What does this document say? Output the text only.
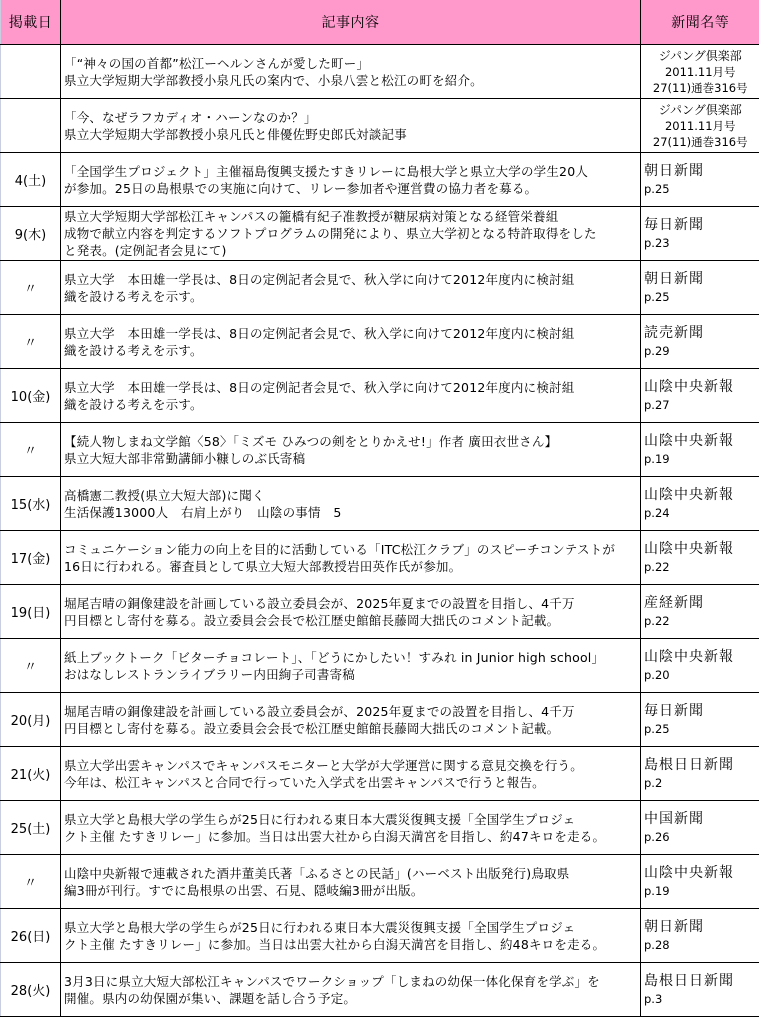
掲載日	記事内容	新聞名等

	「“神々の国の首都”松江ーヘルンさんが愛した町ー」
県立大学短期大学部教授小泉凡氏の案内で、小泉八雲と松江の町を紹介。	ジパング倶楽部
2011.11月号
27(11)通巻316号

	「今、なぜラフカディオ・ハーンなのか？」
県立大学短期大学部教授小泉凡氏と俳優佐野史郎氏対談記事	ジパング倶楽部
2011.11月号
27(11)通巻316号

4(土)	「全国学生プロジェクト」主催福島復興支援たすきリレーに島根大学と県立大学の学生20人
が参加。25日の島根県での実施に向けて、リレー参加者や運営費の協力者を募る。	朝日新聞
p.25

9(木)	県立大学短期大学部松江キャンパスの籠橋有紀子准教授が糖尿病対策となる経管栄養組
成物で献立内容を判定するソフトプログラムの開発により、県立大学初となる特許取得をした
と発表。(定例記者会見にて)	毎日新聞
p.23

〃	県立大学　本田雄一学長は、8日の定例記者会見で、秋入学に向けて2012年度内に検討組
織を設ける考えを示す。	朝日新聞
p.25

〃	県立大学　本田雄一学長は、8日の定例記者会見で、秋入学に向けて2012年度内に検討組
織を設ける考えを示す。	読売新聞
p.29

10(金)	県立大学　本田雄一学長は、8日の定例記者会見で、秋入学に向けて2012年度内に検討組
織を設ける考えを示す。	山陰中央新報
p.27

〃	【続人物しまね文学館〈58〉「ミズモ ひみつの剣をとりかえせ!」作者 廣田衣世さん】
県立大短大部非常勤講師小糠しのぶ氏寄稿	山陰中央新報
p.19

15(水)	高橋憲二教授(県立大短大部)に聞く
生活保護13000人　右肩上がり　山陰の事情　5	山陰中央新報
p.24

17(金)	コミュニケーション能力の向上を目的に活動している「ITC松江クラブ」のスピーチコンテストが
16日に行われる。審査員として県立大短大部教授岩田英作氏が参加。	山陰中央新報
p.22

19(日)	堀尾吉晴の銅像建設を計画している設立委員会が、2025年夏までの設置を目指し、4千万
円目標とし寄付を募る。設立委員会会長で松江歴史館館長藤岡大拙氏のコメント記載。	産経新聞
p.22

〃	紙上ブックトーク「ビターチョコレート」、「どうにかしたい！すみれ in Junior high school」
おはなしレストランライブラリー内田絢子司書寄稿	山陰中央新報
p.20

20(月)	堀尾吉晴の銅像建設を計画している設立委員会が、2025年夏までの設置を目指し、4千万
円目標とし寄付を募る。設立委員会会長で松江歴史館館長藤岡大拙氏のコメント記載。	毎日新聞
p.25

21(火)	県立大学出雲キャンパスでキャンパスモニターと大学が大学運営に関する意見交換を行う。
今年は、松江キャンパスと合同で行っていた入学式を出雲キャンパスで行うと報告。	島根日日新聞
p.2

25(土)	県立大学と島根大学の学生らが25日に行われる東日本大震災復興支援「全国学生プロジェ
クト主催 たすきリレー」に参加。当日は出雲大社から白潟天満宮を目指し、約47キロを走る。	中国新聞
p.26

〃	山陰中央新報で連載された酒井董美氏著「ふるさとの民話」(ハーベスト出版発行)鳥取県
編3冊が刊行。すでに島根県の出雲、石見、隠岐編3冊が出版。	山陰中央新報
p.19

26(日)	県立大学と島根大学の学生らが25日に行われる東日本大震災復興支援「全国学生プロジェ
クト主催 たすきリレー」に参加。当日は出雲大社から白潟天満宮を目指し、約48キロを走る。	朝日新聞
p.28

28(火)	3月3日に県立大短大部松江キャンパスでワークショップ「しまねの幼保一体化保育を学ぶ」を
開催。県内の幼保園が集い、課題を話し合う予定。	島根日日新聞
p.3
